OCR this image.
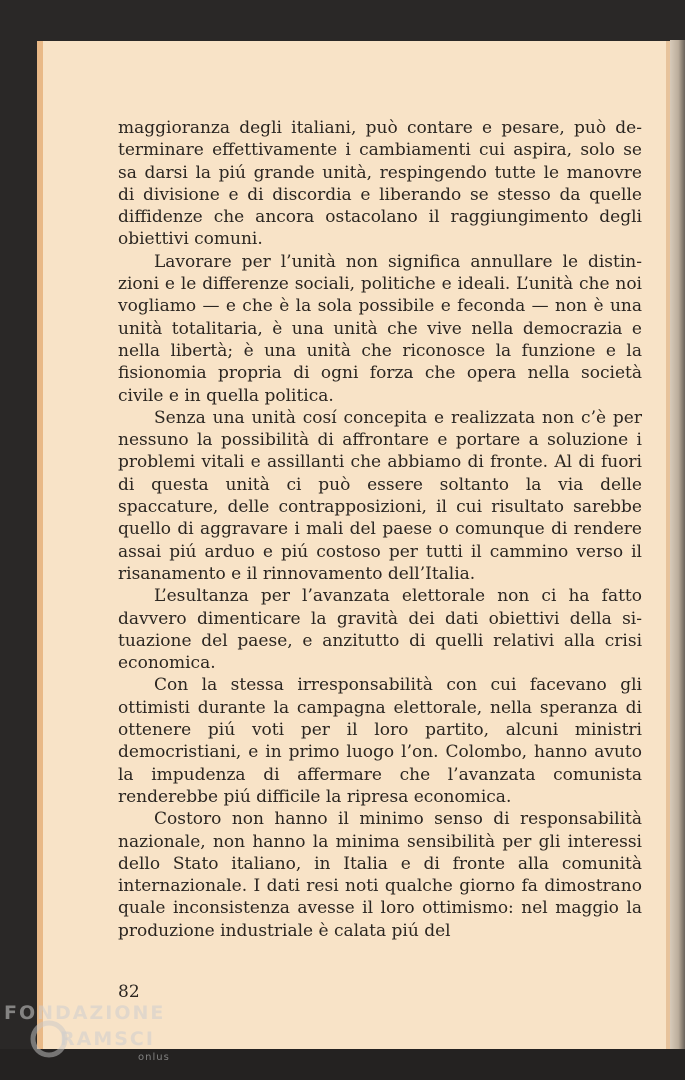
maggioranza degli italiani, può contare e pesare, può determinare effettivamente i cambiamenti cui aspira, solo se sa darsi la piú grande unità, respingendo tutte le manovre di divisione e di discordia e liberando se stesso da quelle diffidenze che ancora ostacolano il raggiungimento degli obiettivi comuni.

Lavorare per l’unità non significa annullare le distinzioni e le differenze sociali, politiche e ideali. L’unità che noi vogliamo — e che è la sola possibile e feconda — non è una unità totalitaria, è una unità che vive nella democrazia e nella libertà; è una unità che riconosce la funzione e la fisionomia propria di ogni forza che opera nella società civile e in quella politica.

Senza una unità cosí concepita e realizzata non c’è per nessuno la possibilità di affrontare e portare a soluzione i problemi vitali e assillanti che abbiamo di fronte. Al di fuori di questa unità ci può essere soltanto la via delle spaccature, delle contrapposizioni, il cui risultato sarebbe quello di aggravare i mali del paese o comunque di rendere assai piú arduo e piú costoso per tutti il cammino verso il risanamento e il rinnovamento dell’Italia.

L’esultanza per l’avanzata elettorale non ci ha fatto davvero dimenticare la gravità dei dati obiettivi della situazione del paese, e anzitutto di quelli relativi alla crisi economica.

Con la stessa irresponsabilità con cui facevano gli ottimisti durante la campagna elettorale, nella speranza di ottenere piú voti per il loro partito, alcuni ministri democristiani, e in primo luogo l’on. Colombo, hanno avuto la impudenza di affermare che l’avanzata comunista renderebbe piú difficile la ripresa economica.

Costoro non hanno il minimo senso di responsabilità nazionale, non hanno la minima sensibilità per gli interessi dello Stato italiano, in Italia e di fronte alla comunità internazionale. I dati resi noti qualche giorno fa dimostrano quale inconsistenza avesse il loro ottimismo: nel maggio la produzione industriale è calata piú del

82
FONDAZIONE
RAMSCI
onlus
